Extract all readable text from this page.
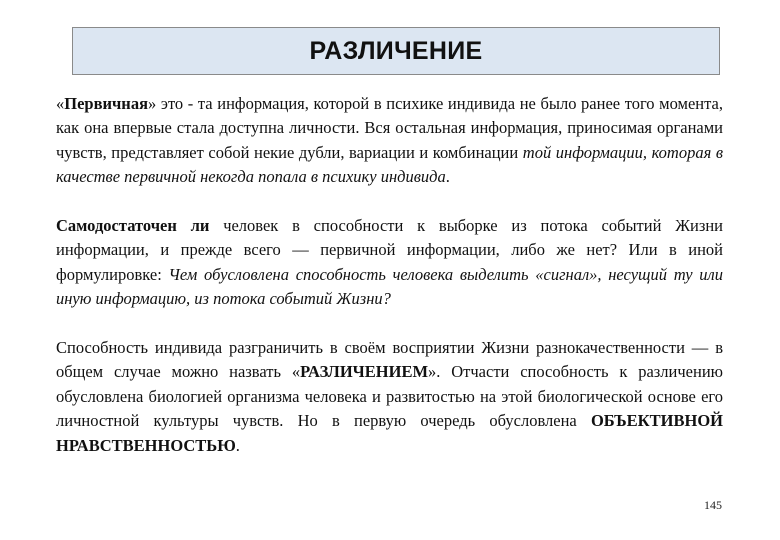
РАЗЛИЧЕНИЕ

«Первичная» это - та информация, которой в психике индивида не было ранее того момента, как она впервые стала доступна личности. Вся остальная информация, приносимая органами чувств, представляет собой некие дубли, вариации и комбинации той информации, которая в качестве первичной некогда попала в психику индивида.

Самодостаточен ли человек в способности к выборке из потока событий Жизни информации, и прежде всего — первичной информации, либо же нет? Или в иной формулировке: Чем обусловлена способность человека выделить «сигнал», несущий ту или иную информацию, из потока событий Жизни?

Способность индивида разграничить в своём восприятии Жизни разнокачественности — в общем случае можно назвать «РАЗЛИЧЕНИЕМ». Отчасти способность к различению обусловлена биологией организма человека и развитостью на этой биологической основе его личностной культуры чувств. Но в первую очередь обусловлена ОБЪЕКТИВНОЙ НРАВСТВЕННОСТЬЮ.

145
